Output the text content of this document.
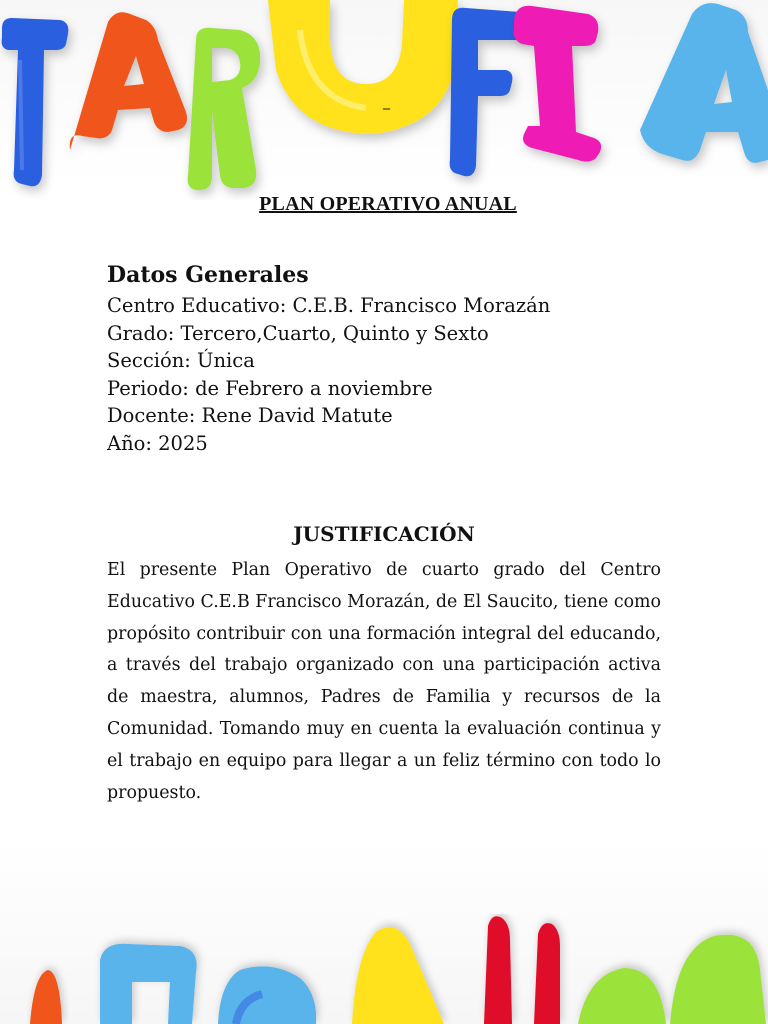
_
PLAN OPERATIVO ANUAL
Datos Generales
Centro Educativo: C.E.B. Francisco Morazán
Grado: Tercero,Cuarto, Quinto y Sexto
Sección: Única
Periodo: de Febrero a noviembre
Docente: Rene David Matute
Año: 2025
JUSTIFICACIÓN

El presente Plan Operativo de cuarto grado del Centro Educativo C.E.B Francisco Morazán, de El Saucito, tiene como propósito contribuir con una formación integral del educando, a través del trabajo organizado con una participación activa de maestra, alumnos, Padres de Familia y recursos de la Comunidad. Tomando muy en cuenta la evaluación continua y el trabajo en equipo para llegar a un feliz término con todo lo propuesto.
